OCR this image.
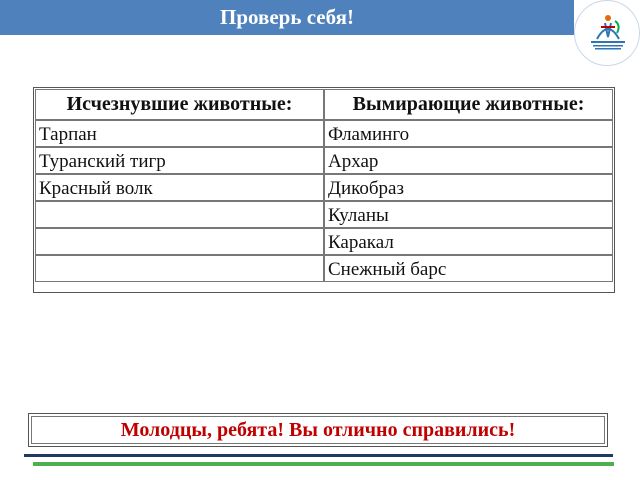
Проверь себя!
Исчезнувшие животные:	Вымирающие животные:
Тарпан	Фламинго
Туранский тигр	Архар
Красный волк	Дикобраз
	Куланы
	Каракал
	Снежный барс
Молодцы, ребята! Вы отлично справились!
